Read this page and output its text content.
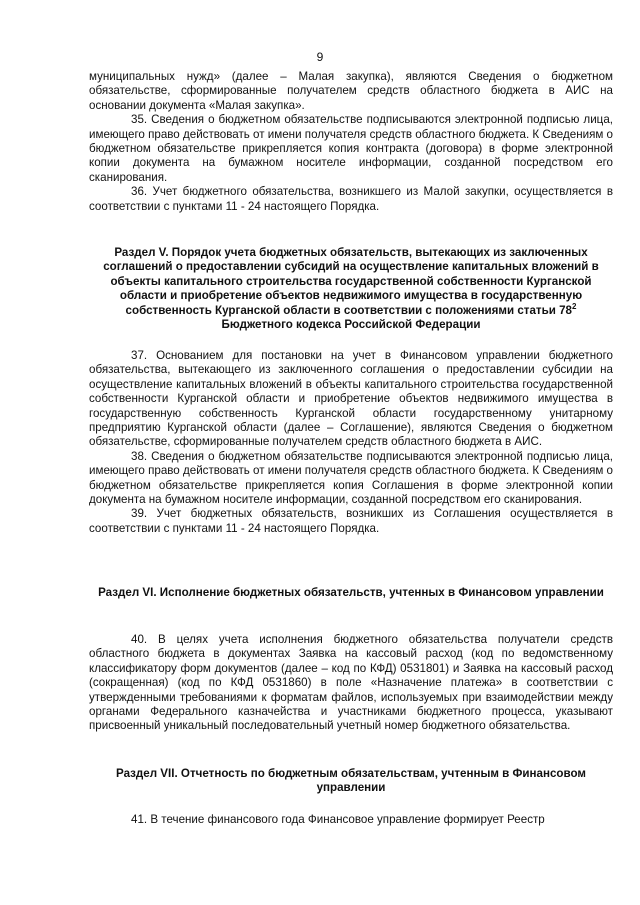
9

муниципальных нужд» (далее – Малая закупка), являются Сведения о бюджетном обязательстве, сформированные получателем средств областного бюджета в АИС на основании документа «Малая закупка».

35. Сведения о бюджетном обязательстве подписываются электронной подписью лица, имеющего право действовать от имени получателя средств областного бюджета. К Сведениям о бюджетном обязательстве прикрепляется копия контракта (договора) в форме электронной копии документа на бумажном носителе информации, созданной посредством его сканирования.

36. Учет бюджетного обязательства, возникшего из Малой закупки, осуществляется в соответствии с пунктами 11 - 24 настоящего Порядка.

Раздел V. Порядок учета бюджетных обязательств, вытекающих из заключенных соглашений о предоставлении субсидий на осуществление капитальных вложений в объекты капитального строительства государственной собственности Курганской области и приобретение объектов недвижимого имущества в государственную собственность Курганской области в соответствии с положениями статьи $78^2$ Бюджетного кодекса Российской Федерации

37. Основанием для постановки на учет в Финансовом управлении бюджетного обязательства, вытекающего из заключенного соглашения о предоставлении субсидии на осуществление капитальных вложений в объекты капитального строительства государственной собственности Курганской области и приобретение объектов недвижимого имущества в государственную собственность Курганской области государственному унитарному предприятию Курганской области (далее – Соглашение), являются Сведения о бюджетном обязательстве, сформированные получателем средств областного бюджета в АИС.

38. Сведения о бюджетном обязательстве подписываются электронной подписью лица, имеющего право действовать от имени получателя средств областного бюджета. К Сведениям о бюджетном обязательстве прикрепляется копия Соглашения в форме электронной копии документа на бумажном носителе информации, созданной посредством его сканирования.

39. Учет бюджетных обязательств, возникших из Соглашения осуществляется в соответствии с пунктами 11 - 24 настоящего Порядка.

Раздел VI. Исполнение бюджетных обязательств, учтенных в Финансовом управлении

40. В целях учета исполнения бюджетного обязательства получатели средств областного бюджета в документах Заявка на кассовый расход (код по ведомственному классификатору форм документов (далее – код по КФД) 0531801) и Заявка на кассовый расход (сокращенная) (код по КФД 0531860) в поле «Назначение платежа» в соответствии с утвержденными требованиями к форматам файлов, используемых при взаимодействии между органами Федерального казначейства и участниками бюджетного процесса, указывают присвоенный уникальный последовательный учетный номер бюджетного обязательства.

Раздел VII. Отчетность по бюджетным обязательствам, учтенным в Финансовом управлении

41. В течение финансового года Финансовое управление формирует Реестр
